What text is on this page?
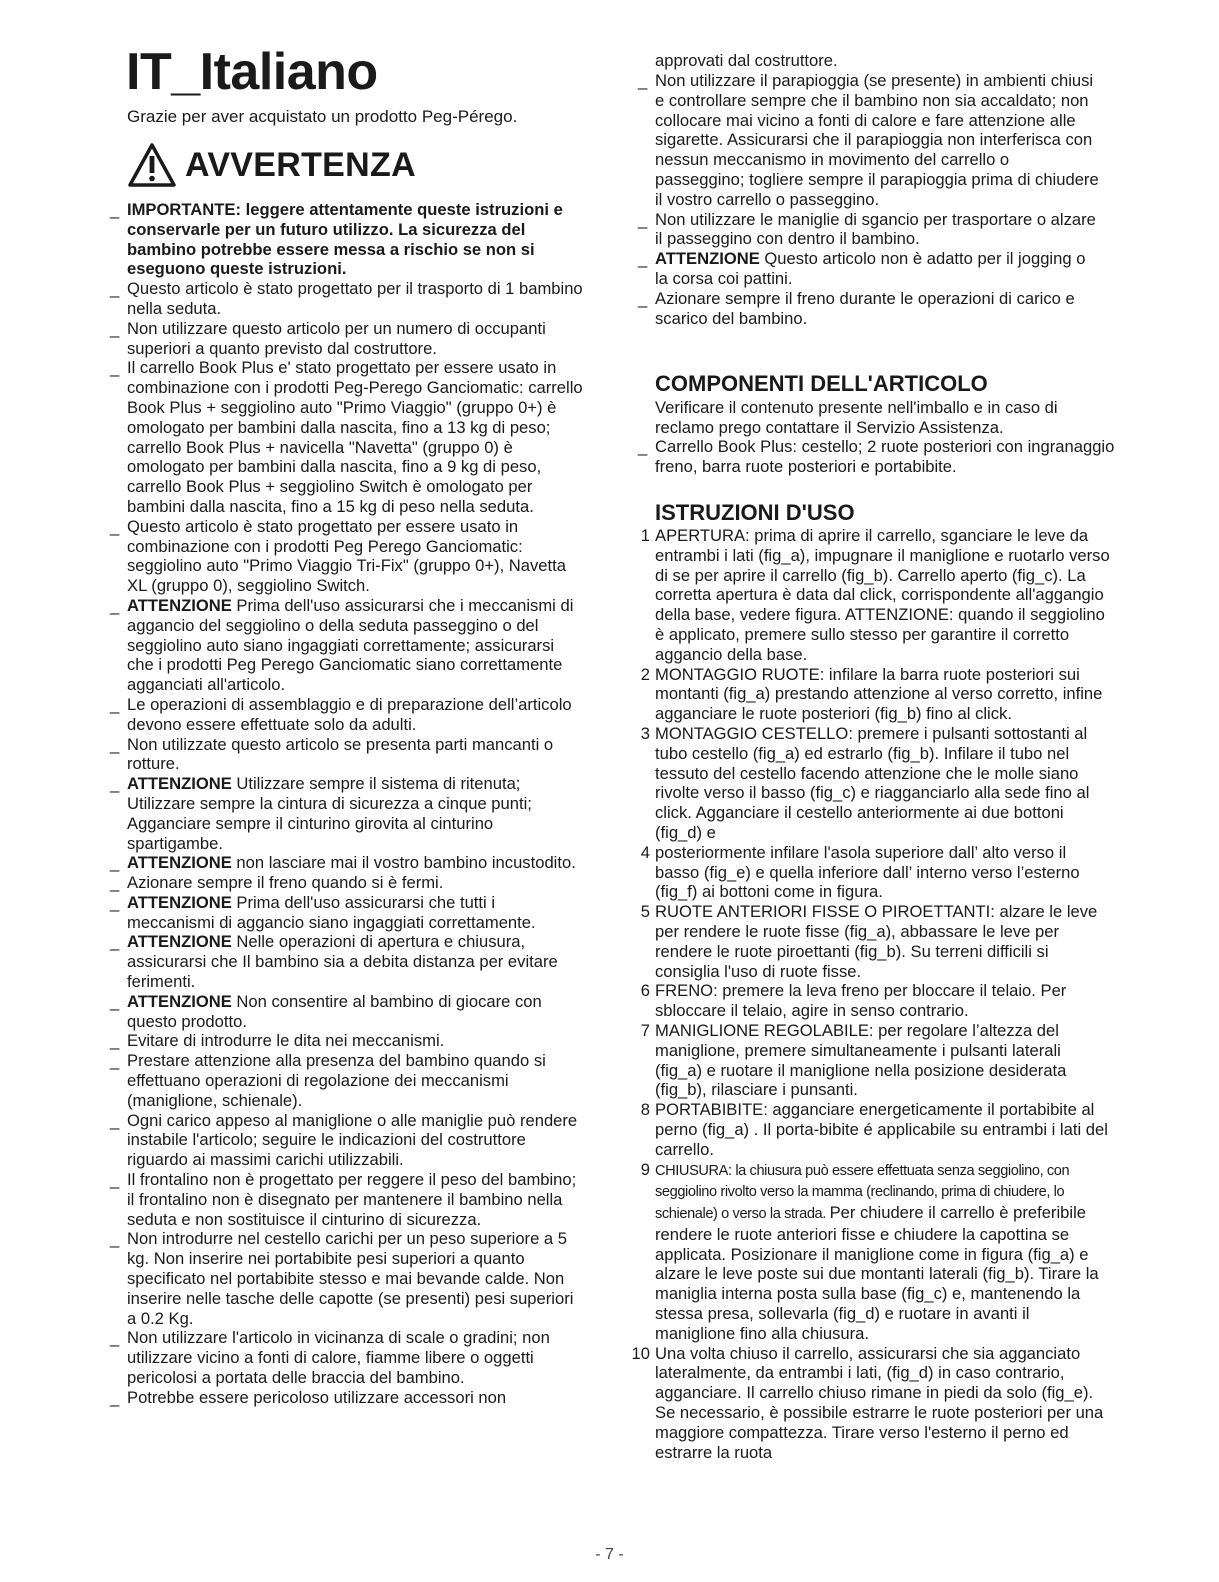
IT_Italiano

Grazie per aver acquistato un prodotto Peg-Pérego.

AVVERTENZA
_ IMPORTANTE: leggere attentamente queste istruzioni e conservarle per un futuro utilizzo. La sicurezza del bambino potrebbe essere messa a rischio se non si eseguono queste istruzioni.
_ Questo articolo è stato progettato per il trasporto di 1 bambino nella seduta.
_ Non utilizzare questo articolo per un numero di occupanti superiori a quanto previsto dal costruttore.
_ Il carrello Book Plus e' stato progettato per essere usato in combinazione con i prodotti Peg-Perego Ganciomatic: carrello Book Plus + seggiolino auto "Primo Viaggio" (gruppo 0+) è omologato per bambini dalla nascita, fino a 13 kg di peso; carrello Book Plus + navicella "Navetta" (gruppo 0) è omologato per bambini dalla nascita, fino a 9 kg di peso, carrello Book Plus + seggiolino Switch è omologato per bambini dalla nascita, fino a 15 kg di peso nella seduta.
_ Questo articolo è stato progettato per essere usato in combinazione con i prodotti Peg Perego Ganciomatic: seggiolino auto "Primo Viaggio Tri-Fix" (gruppo 0+), Navetta XL (gruppo 0), seggiolino Switch.
_ ATTENZIONE Prima dell'uso assicurarsi che i meccanismi di aggancio del seggiolino o della seduta passeggino o del seggiolino auto siano ingaggiati correttamente; assicurarsi che i prodotti Peg Perego Ganciomatic siano correttamente agganciati all'articolo.
_ Le operazioni di assemblaggio e di preparazione dell’articolo devono essere effettuate solo da adulti.
_ Non utilizzate questo articolo se presenta parti mancanti o rotture.
_ ATTENZIONE Utilizzare sempre il sistema di ritenuta; Utilizzare sempre la cintura di sicurezza a cinque punti; Agganciare sempre il cinturino girovita al cinturino spartigambe.
_ ATTENZIONE non lasciare mai il vostro bambino incustodito.
_ Azionare sempre il freno quando si è fermi.
_ ATTENZIONE Prima dell'uso assicurarsi che tutti i meccanismi di aggancio siano ingaggiati correttamente.
_ ATTENZIONE Nelle operazioni di apertura e chiusura, assicurarsi che Il bambino sia a debita distanza per evitare ferimenti.
_ ATTENZIONE Non consentire al bambino di giocare con questo prodotto.
_ Evitare di introdurre le dita nei meccanismi.
_ Prestare attenzione alla presenza del bambino quando si effettuano operazioni di regolazione dei meccanismi (maniglione, schienale).
_ Ogni carico appeso al maniglione o alle maniglie può rendere instabile l'articolo; seguire le indicazioni del costruttore riguardo ai massimi carichi utilizzabili.
_ Il frontalino non è progettato per reggere il peso del bambino; il frontalino non è disegnato per mantenere il bambino nella seduta e non sostituisce il cinturino di sicurezza.
_ Non introdurre nel cestello carichi per un peso superiore a 5 kg. Non inserire nei portabibite pesi superiori a quanto specificato nel portabibite stesso e mai bevande calde. Non inserire nelle tasche delle capotte (se presenti) pesi superiori a 0.2 Kg.
_ Non utilizzare l'articolo in vicinanza di scale o gradini; non utilizzare vicino a fonti di calore, fiamme libere o oggetti pericolosi a portata delle braccia del bambino.
_ Potrebbe essere pericoloso utilizzare accessori non

approvati dal costruttore.

_ Non utilizzare il parapioggia (se presente) in ambienti chiusi e controllare sempre che il bambino non sia accaldato; non collocare mai vicino a fonti di calore e fare attenzione alle sigarette. Assicurarsi che il parapioggia non interferisca con nessun meccanismo in movimento del carrello o passeggino; togliere sempre il parapioggia prima di chiudere il vostro carrello o passeggino.
_ Non utilizzare le maniglie di sgancio per trasportare o alzare il passeggino con dentro il bambino.
_ ATTENZIONE Questo articolo non è adatto per il jogging o la corsa coi pattini.
_ Azionare sempre il freno durante le operazioni di carico e scarico del bambino.
COMPONENTI DELL'ARTICOLO

Verificare il contenuto presente nell'imballo e in caso di reclamo prego contattare il Servizio Assistenza.

_ Carrello Book Plus: cestello; 2 ruote posteriori con ingranaggio freno, barra ruote posteriori e portabibite.
ISTRUZIONI D'USO
1 APERTURA: prima di aprire il carrello, sganciare le leve da entrambi i lati (fig_a), impugnare il maniglione e ruotarlo verso di se per aprire il carrello (fig_b). Carrello aperto (fig_c). La corretta apertura è data dal click, corrispondente all'aggangio della base, vedere figura. ATTENZIONE: quando il seggiolino è applicato, premere sullo stesso per garantire il corretto aggancio della base.
2 MONTAGGIO RUOTE: infilare la barra ruote posteriori sui montanti (fig_a) prestando attenzione al verso corretto, infine agganciare le ruote posteriori (fig_b) fino al click.
3 MONTAGGIO CESTELLO: premere i pulsanti sottostanti al tubo cestello (fig_a) ed estrarlo (fig_b). Infilare il tubo nel tessuto del cestello facendo attenzione che le molle siano rivolte verso il basso (fig_c) e riagganciarlo alla sede fino al click. Agganciare il cestello anteriormente ai due bottoni (fig_d) e
4 posteriormente infilare l'asola superiore dall’ alto verso il basso (fig_e) e quella inferiore dall’ interno verso l’esterno (fig_f) ai bottoni come in figura.
5 RUOTE ANTERIORI FISSE O PIROETTANTI: alzare le leve per rendere le ruote fisse (fig_a), abbassare le leve per rendere le ruote piroettanti (fig_b). Su terreni difficili si consiglia l'uso di ruote fisse.
6 FRENO: premere la leva freno per bloccare il telaio. Per sbloccare il telaio, agire in senso contrario.
7 MANIGLIONE REGOLABILE: per regolare l’altezza del maniglione, premere simultaneamente i pulsanti laterali (fig_a) e ruotare il maniglione nella posizione desiderata (fig_b), rilasciare i punsanti.
8 PORTABIBITE: agganciare energeticamente il portabibite al perno (fig_a) . Il porta-bibite é applicabile su entrambi i lati del carrello.
9 CHIUSURA: la chiusura può essere effettuata senza seggiolino, con seggiolino rivolto verso la mamma (reclinando, prima di chiudere, lo schienale) o verso la strada. Per chiudere il carrello è preferibile rendere le ruote anteriori fisse e chiudere la capottina se applicata. Posizionare il maniglione come in figura (fig_a) e alzare le leve poste sui due montanti laterali (fig_b). Tirare la maniglia interna posta sulla base (fig_c) e, mantenendo la stessa presa, sollevarla (fig_d) e ruotare in avanti il maniglione fino alla chiusura.
10 Una volta chiuso il carrello, assicurarsi che sia agganciato lateralmente, da entrambi i lati, (fig_d) in caso contrario, agganciare. Il carrello chiuso rimane in piedi da solo (fig_e). Se necessario, è possibile estrarre le ruote posteriori per una maggiore compattezza. Tirare verso l'esterno il perno ed estrarre la ruota
- 7 -
